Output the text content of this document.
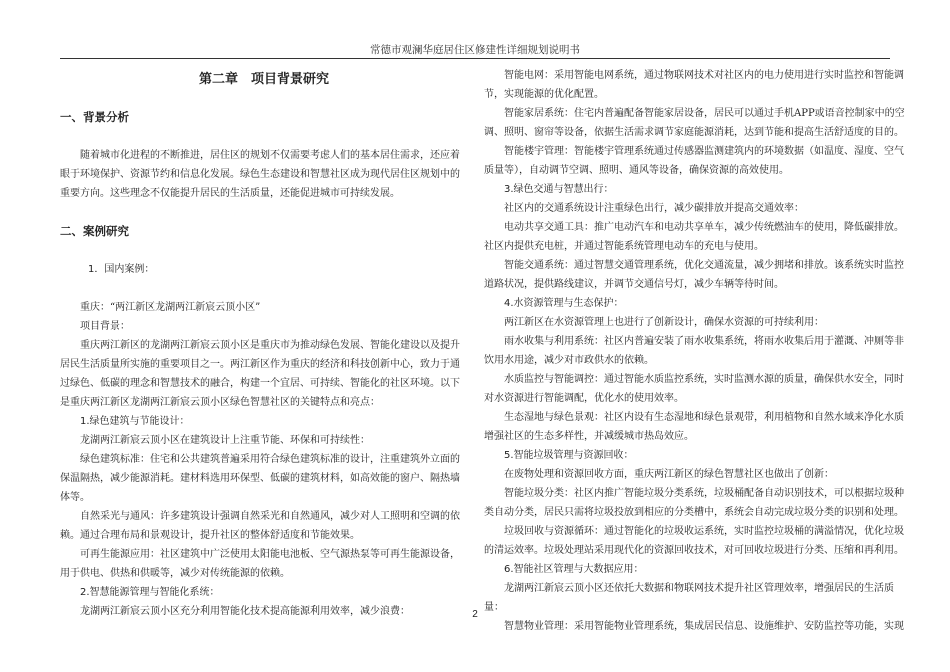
常德市观澜华庭居住区修建性详细规划说明书

第二章　项目背景研究

一、背景分析

随着城市化进程的不断推进，居住区的规划不仅需要考虑人们的基本居住需求，还应着眼于环境保护、资源节约和信息化发展。绿色生态建设和智慧社区成为现代居住区规划中的重要方向。这些理念不仅能提升居民的生活质量，还能促进城市可持续发展。

二、案例研究

1．国内案例：

重庆：“两江新区龙湖两江新宸云顶小区”

项目背景：

重庆两江新区的龙湖两江新宸云顶小区是重庆市为推动绿色发展、智能化建设以及提升居民生活质量所实施的重要项目之一。两江新区作为重庆的经济和科技创新中心，致力于通过绿色、低碳的理念和智慧技术的融合，构建一个宜居、可持续、智能化的社区环境。以下是重庆两江新区龙湖两江新宸云顶小区绿色智慧社区的关键特点和亮点：

1.绿色建筑与节能设计：

龙湖两江新宸云顶小区在建筑设计上注重节能、环保和可持续性：

绿色建筑标准：住宅和公共建筑普遍采用符合绿色建筑标准的设计，注重建筑外立面的保温隔热，减少能源消耗。建材料选用环保型、低碳的建筑材料，如高效能的窗户、隔热墙体等。

自然采光与通风：许多建筑设计强调自然采光和自然通风，减少对人工照明和空调的依赖。通过合理布局和景观设计，提升社区的整体舒适度和节能效果。

可再生能源应用：社区建筑中广泛使用太阳能电池板、空气源热泵等可再生能源设备，用于供电、供热和供暖等，减少对传统能源的依赖。

2.智慧能源管理与智能化系统：

龙湖两江新宸云顶小区充分利用智能化技术提高能源利用效率，减少浪费：

智能电网：采用智能电网系统，通过物联网技术对社区内的电力使用进行实时监控和智能调节，实现能源的优化配置。

智能家居系统：住宅内普遍配备智能家居设备，居民可以通过手机APP或语音控制家中的空调、照明、窗帘等设备，依据生活需求调节家庭能源消耗，达到节能和提高生活舒适度的目的。

智能楼宇管理：智能楼宇管理系统通过传感器监测建筑内的环境数据（如温度、湿度、空气质量等），自动调节空调、照明、通风等设备，确保资源的高效使用。

3.绿色交通与智慧出行：

社区内的交通系统设计注重绿色出行，减少碳排放并提高交通效率：

电动共享交通工具：推广电动汽车和电动共享单车，减少传统燃油车的使用，降低碳排放。社区内提供充电桩，并通过智能系统管理电动车的充电与使用。

智能交通系统：通过智慧交通管理系统，优化交通流量，减少拥堵和排放。该系统实时监控道路状况，提供路线建议，并调节交通信号灯，减少车辆等待时间。

4.水资源管理与生态保护：

两江新区在水资源管理上也进行了创新设计，确保水资源的可持续利用：

雨水收集与利用系统：社区内普遍安装了雨水收集系统，将雨水收集后用于灌溉、冲厕等非饮用水用途，减少对市政供水的依赖。

水质监控与智能调控：通过智能水质监控系统，实时监测水源的质量，确保供水安全，同时对水资源进行智能调配，优化水的使用效率。

生态湿地与绿色景观：社区内设有生态湿地和绿色景观带，利用植物和自然水域来净化水质增强社区的生态多样性，并减缓城市热岛效应。

5.智能垃圾管理与资源回收：

在废物处理和资源回收方面，重庆两江新区的绿色智慧社区也做出了创新：

智能垃圾分类：社区内推广智能垃圾分类系统，垃圾桶配备自动识别技术，可以根据垃圾种类自动分类，居民只需将垃圾投放到相应的分类槽中，系统会自动完成垃圾分类的识别和处理。

垃圾回收与资源循环：通过智能化的垃圾收运系统，实时监控垃圾桶的满溢情况，优化垃圾的清运效率。垃圾处理站采用现代化的资源回收技术，对可回收垃圾进行分类、压缩和再利用。

6.智能社区管理与大数据应用：

龙湖两江新宸云顶小区还依托大数据和物联网技术提升社区管理效率，增强居民的生活质量：

智慧物业管理：采用智能物业管理系统，集成居民信息、设施维护、安防监控等功能，实现

2
